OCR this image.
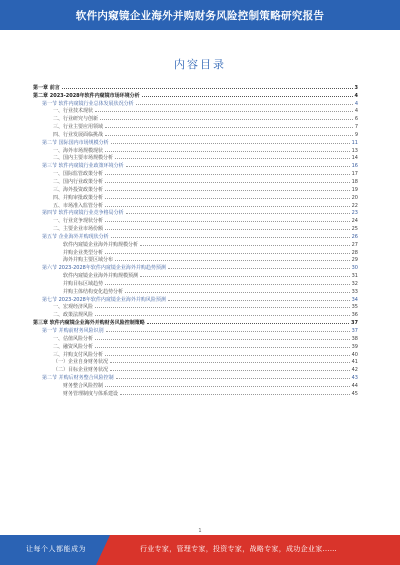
软件内窥镜企业海外并购财务风险控制策略研究报告
内容目录
第一章 前言	3
第二章 2023-2028年软件内窥镜市场环境分析	4
第一节 软件内窥镜行业总体发展状况分析	4
一、行业技术现状	4
二、行业研究与创新	6
三、行业主要应用领域	7
四、行业发展面临挑战	9
第二节 国际国内市场规模分析	11
一、海外市场规模现状	13
二、国内主要市场规模分析	14
第三节 软件内窥镜行业政策环境分析	16
一、国际监管政策分析	17
二、国内行业政策分析	18
三、海外投资政策分析	19
四、并购审批政策分析	20
五、市场准入监管分析	22
第四节 软件内窥镜行业竞争格局分析	23
一、行业竞争现状分析	24
二、主要企业市场份额	25
第五节 企业海外并购现状分析	26
软件内窥镜企业海外并购规模分析	27
并购企业类型分析	28
海外并购主要区域分布	29
第六节 2023-2028年软件内窥镜企业海外并购趋势预测	30
软件内窥镜企业海外并购规模预测	31
并购目标区域趋势	32
并购主体结构变化趋势分析	33
第七节 2023-2028年软件内窥镜企业海外并购风险预测	34
一、宏观经济风险	35
二、政策法规风险	36
第三章 软件内窥镜企业海外并购财务风险控制策略	37
第一节 并购前财务风险识别	37
一、估值风险分析	38
二、融资风险分析	39
三、并购支付风险分析	40
（一）企业自身财务状况	41
（二）目标企业财务状况	42
第二节 并购后财务整合风险控制	43
财务整合风险控制	44
财务管理制度与体系建设	45
1
让每个人都能成为	行业专家，管理专家，投资专家，战略专家，成功企业家……
